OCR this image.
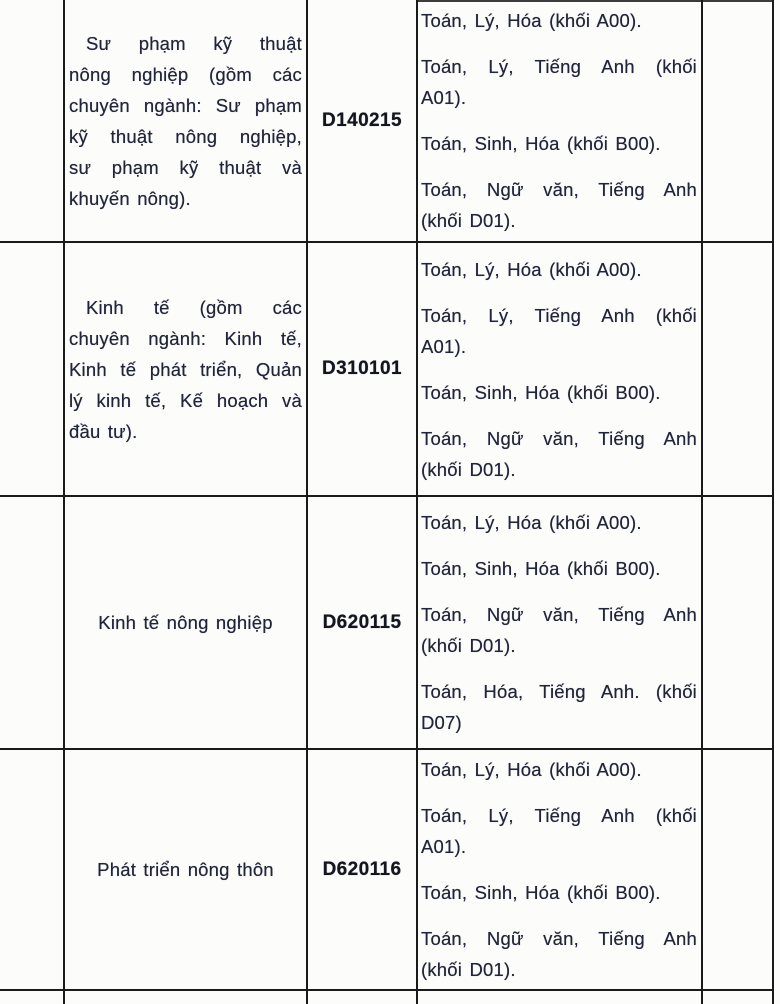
Sư phạm kỹ thuật
nông nghiệp (gồm các
chuyên ngành: Sư phạm
kỹ thuật nông nghiệp,
sư phạm kỹ thuật và
khuyến nông).
D140215
Toán, Lý, Hóa (khối A00).
Toán, Lý, Tiếng Anh (khối
A01).
Toán, Sinh, Hóa (khối B00).
Toán, Ngữ văn, Tiếng Anh
(khối D01).
Kinh tế (gồm các
chuyên ngành: Kinh tế,
Kinh tế phát triển, Quản
lý kinh tế, Kế hoạch và
đầu tư).
D310101
Toán, Lý, Hóa (khối A00).
Toán, Lý, Tiếng Anh (khối
A01).
Toán, Sinh, Hóa (khối B00).
Toán, Ngữ văn, Tiếng Anh
(khối D01).
Kinh tế nông nghiệp	D620115
Toán, Lý, Hóa (khối A00).
Toán, Sinh, Hóa (khối B00).
Toán, Ngữ văn, Tiếng Anh
(khối D01).
Toán, Hóa, Tiếng Anh. (khối
D07)
Phát triển nông thôn	D620116
Toán, Lý, Hóa (khối A00).
Toán, Lý, Tiếng Anh (khối
A01).
Toán, Sinh, Hóa (khối B00).
Toán, Ngữ văn, Tiếng Anh
(khối D01).
